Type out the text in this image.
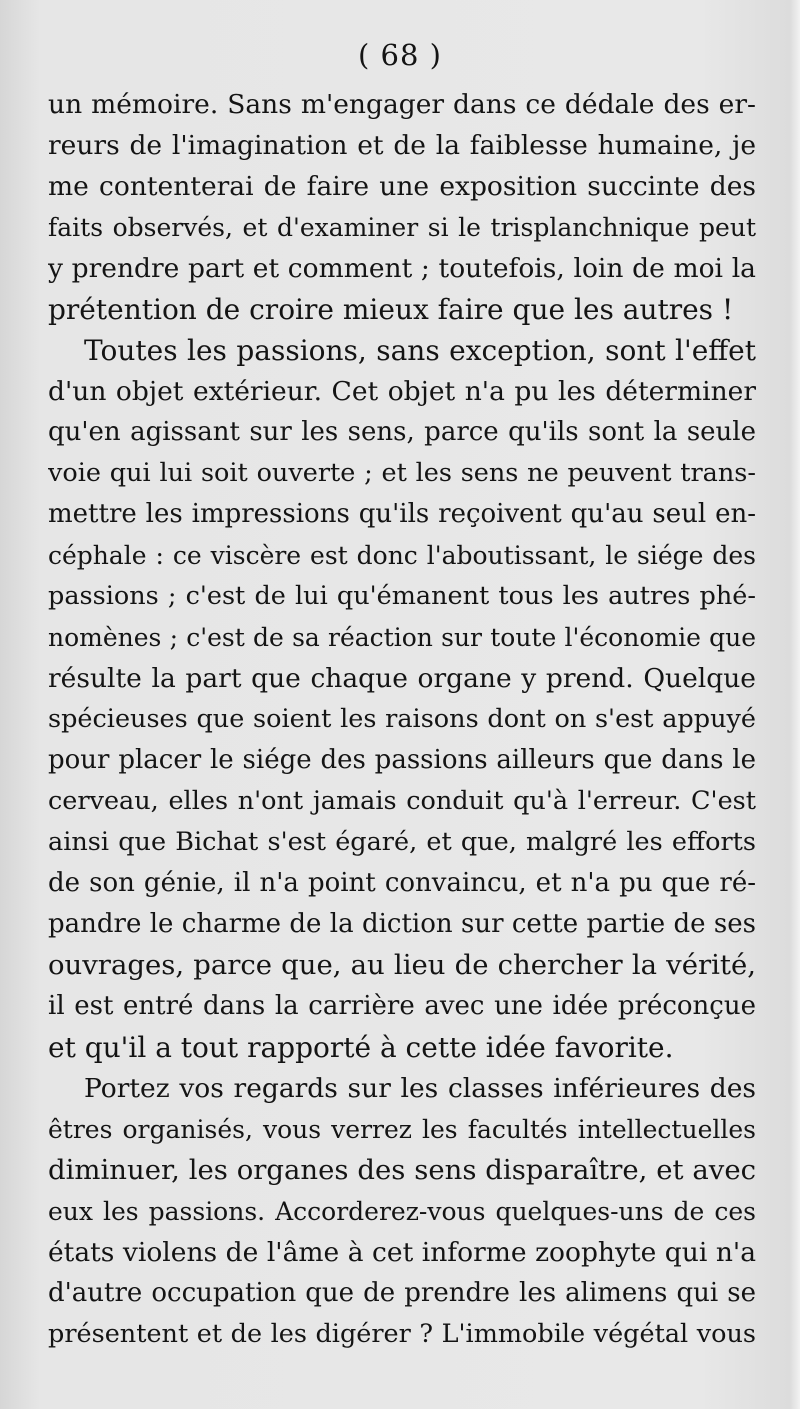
( 68 )

un mémoire. Sans m'engager dans ce dédale des er-
reurs de l'imagination et de la faiblesse humaine, je
me contenterai de faire une exposition succinte des
faits observés, et d'examiner si le trisplanchnique peut
y prendre part et comment ; toutefois, loin de moi la
prétention de croire mieux faire que les autres !

Toutes les passions, sans exception, sont l'effet
d'un objet extérieur. Cet objet n'a pu les déterminer
qu'en agissant sur les sens, parce qu'ils sont la seule
voie qui lui soit ouverte ; et les sens ne peuvent trans-
mettre les impressions qu'ils reçoivent qu'au seul en-
céphale : ce viscère est donc l'aboutissant, le siége des
passions ; c'est de lui qu'émanent tous les autres phé-
nomènes ; c'est de sa réaction sur toute l'économie que
résulte la part que chaque organe y prend. Quelque
spécieuses que soient les raisons dont on s'est appuyé
pour placer le siége des passions ailleurs que dans le
cerveau, elles n'ont jamais conduit qu'à l'erreur. C'est
ainsi que Bichat s'est égaré, et que, malgré les efforts
de son génie, il n'a point convaincu, et n'a pu que ré-
pandre le charme de la diction sur cette partie de ses
ouvrages, parce que, au lieu de chercher la vérité,
il est entré dans la carrière avec une idée préconçue
et qu'il a tout rapporté à cette idée favorite.

Portez vos regards sur les classes inférieures des
êtres organisés, vous verrez les facultés intellectuelles
diminuer, les organes des sens disparaître, et avec
eux les passions. Accorderez-vous quelques-uns de ces
états violens de l'âme à cet informe zoophyte qui n'a
d'autre occupation que de prendre les alimens qui se
présentent et de les digérer ? L'immobile végétal vous
